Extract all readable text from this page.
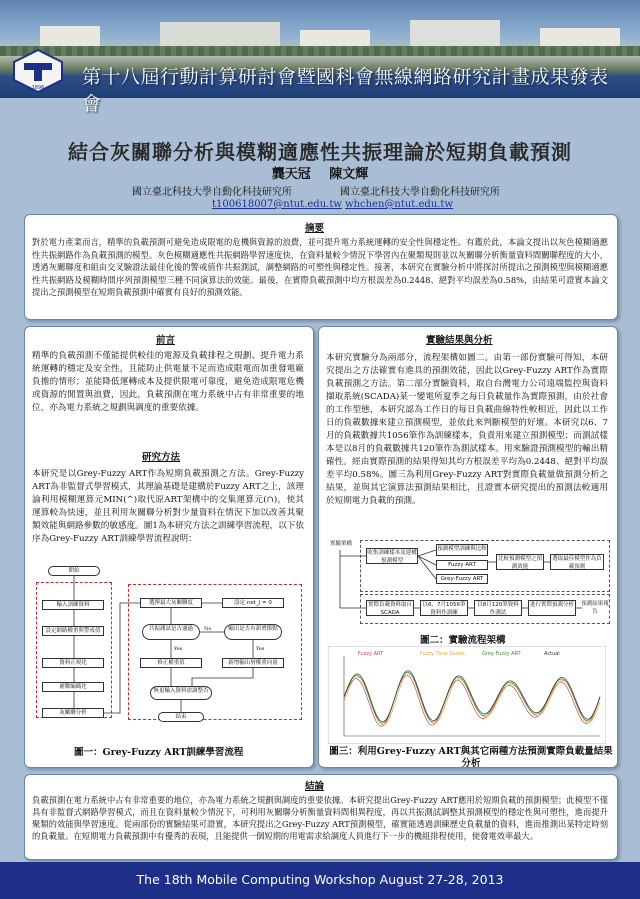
1896 第十八屆行動計算研討會暨國科會無線網路研究計畫成果發表會
結合灰關聯分析與模糊適應性共振理論於短期負載預測
龔天冠 陳文輝
國立臺北科技大學自動化科技研究所	國立臺北科技大學自動化科技研究所
t100618007@ntut.edu.tw whchen@ntut.edu.tw
摘要

對於電力產業而言，精準的負載預測可避免造成限電的危機與資源的浪費，並可提升電力系統運轉的安全性與穩定性。有鑑於此，本論文提出以灰色模糊適應性共振網路作為負載預測的模型。灰色模糊適應性共振網路學習速度快，在資料量較少情況下學習內在聚類規則並以灰關聯分析衡量資料間關聯程度的大小，透過灰關聯度和組由交叉驗證法最佳化後的警戒值作共振測試，調整網路的可塑性與穩定性。接著，本研究在實驗分析中將探討所提出之預測模型與模糊適應性共振網路及模糊時間序列預測模型三種不同演算法的效能。最後，在實際負載預測中均方根誤差為0.2448、絕對平均誤差為0.58%，由結果可證實本論文提出之預測模型在短期負載預測中確實有良好的預測效能。

前言

精準的負載預測不僅能提供較佳的電源及負載排程之規劃、提升電力系統運轉的穩定及安全性，且能防止供電量不足而造成限電而加重發電廠負擔的情形；並能降低運轉成本及提供限電可靠度，避免造成限電危機或資源的閒置與浪費，因此，負載預測在電力系統中占有非常重要的地位，亦為電力系統之規劃與調度的重要依據。

研究方法

本研究是以Grey-Fuzzy ART作為短期負載預測之方法。Grey-Fuzzy ART為非監督式學習模式，其理論基礎是建構於Fuzzy ART之上，該理論利用模糊運算元MIN(^)取代原ART架構中的交集運算元(∩)，使其運算較為快速，並且利用灰關聯分析對少量資料在情況下加以改善其聚類效能與網路參數的敏感度。圖1為本研究方法之訓練學習流程，以下依序為Grey-Fuzzy ART訓練學習流程說明：

開始
輸入訓練資料
設定網路權重與警戒值
資料正規化
補數編碼化
灰關聯分析
選擇最大灰關聯度	設定 net_j = 0
共振測試是否通過	輸出是否有新增節點
修正權重值	新增輸出層權重向量
無更輸入資料需調整否
結束
No
Yes	Yes
圖一：Grey-Fuzzy ART訓練學習流程
實驗結果與分析

本研究實驗分為兩部分，流程架構如圖二。由第一部份實驗可得知，本研究提出之方法確實有進具的預測效能，因此以Grey-Fuzzy ART作為實際負載預測之方法。第二部分實驗資料，取自台灣電力公司遠端監控與資料擷取系統(SCADA)某一變電所夏季之每日負載量作為實際預測，由於社會的工作型態，本研究認為工作日的每日負載曲線特性較相近，因此以工作日的負載數據來建立預測模型，並依此來判斷模型的好壞。本研究以6、7月的負載數據共1056筆作為訓練樣本，負責用來建立預測模型；而測試樣本是以8月的負載數據共120筆作為測試樣本。用來驗證預測模型的輸出精確性。經由實際預測的結果得知其均方根誤差平均為0.2448、絕對平均誤差平均0.58%。圖三為利用Grey-Fuzzy ART對實際負載量做預測分析之結果，並與其它演算法預測結果相比，且證實本研究提出的預測法較適用於短期電力負載的預測。

實驗架構
收集訓練樣本及建構預測模型
預測模型訓練與比較
Fuzzy ART
Grey-Fuzzy ART
比較預測模型之預測效能
選取最佳模型作為負載預測
實際負載資料取自SCADA
以6、7月1056筆資料作訓練
以8月120筆資料作測試
進行實際預測分析	預測結果報告
圖二：實驗流程架構
Fuzzy ART	Fuzzy Time Series	Grey-Fuzzy ART	Actual
圖三：利用Grey-Fuzzy ART與其它兩種方法預測實際負載量結果分析
結論

負載預測在電力系統中占有非常重要的地位，亦為電力系統之規劃與調度的重要依據。本研究提出Grey-Fuzzy ART應用於短期負載的預測模型；此模型不僅具有非監督式網路學習模式，而且在資料量較少情況下，可利用灰關聯分析衡量資料間相異程度，再以共振測試調整其預測模型的穩定性與可塑性，進而提升聚類的效能與學習速度。從兩部份的實驗結果可證實，本研究提出之Grey-Fuzzy ART預測模型，確實能透過訓練歷史負載量的資料，進而推測出某特定時刻的負載量。在短期電力負載預測中有優秀的表現，且能提供一個短期的用電需求給調度人員進行下一步的機組排程使用，使發電效率最大。

The 18th Mobile Computing Workshop August 27-28, 2013
